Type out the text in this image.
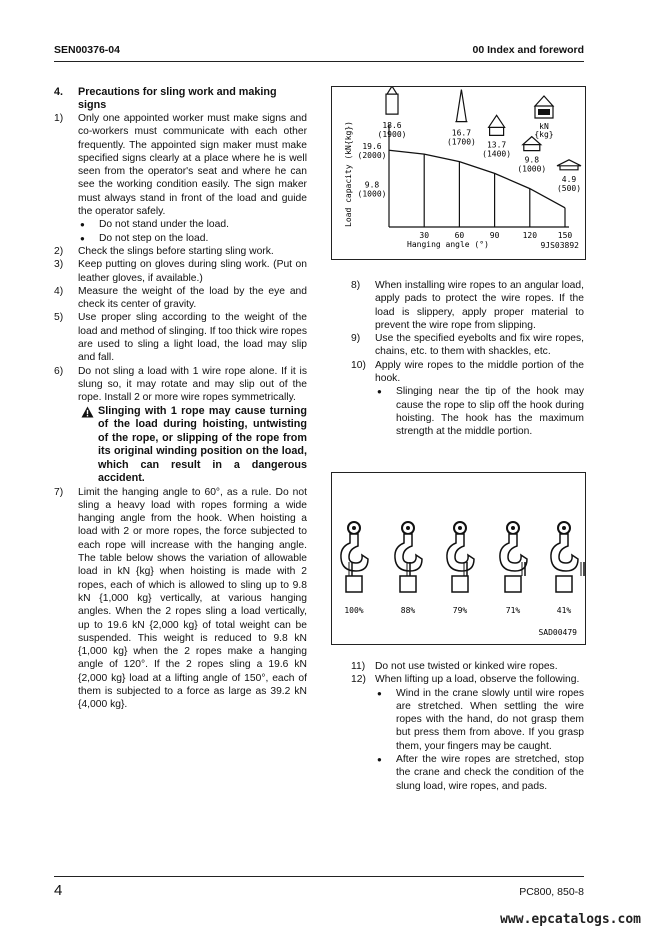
SEN00376-04	00 Index and foreword
4. Precautions for sling work and making signs
1) Only one appointed worker must make signs and co-workers must communicate with each other frequently. The appointed sign maker must make specified signs clearly at a place where he is well seen from the operator's seat and where he can see the working condition easily. The sign maker must always stand in front of the load and guide the operator safely.
● Do not stand under the load.
● Do not step on the load.
2) Check the slings before starting sling work.
3) Keep putting on gloves during sling work. (Put on leather gloves, if available.)
4) Measure the weight of the load by the eye and check its center of gravity.
5) Use proper sling according to the weight of the load and method of slinging. If too thick wire ropes are used to sling a light load, the load may slip and fall.
6) Do not sling a load with 1 wire rope alone. If it is slung so, it may rotate and may slip out of the rope. Install 2 or more wire ropes symmetrically.
Slinging with 1 rope may cause turning of the load during hoisting, untwisting of the rope, or slipping of the rope from its original winding position on the load, which can result in a dangerous accident.
7) Limit the hanging angle to 60°, as a rule. Do not sling a heavy load with ropes forming a wide hanging angle from the hook. When hoisting a load with 2 or more ropes, the force subjected to each rope will increase with the hanging angle. The table below shows the variation of allowable load in kN {kg} when hoisting is made with 2 ropes, each of which is allowed to sling up to 9.8 kN {1,000 kg} vertically, at various hanging angles. When the 2 ropes sling a load vertically, up to 19.6 kN {2,000 kg} of total weight can be suspended. This weight is reduced to 9.8 kN {1,000 kg} when the 2 ropes make a hanging angle of 120°. If the 2 ropes sling a 19.6 kN {2,000 kg} load at a lifting angle of 150°, each of them is subjected to a force as large as 39.2 kN {4,000 kg}.
Load capacity (kN{kg})
30	60	90	120	150
Hanging angle (°)	9JS03892
19.6
(2000)
9.8
(1000)
18.6
(1900)	16.7
(1700) 13.7
(1400)
9.8
(1000)
4.9
(500)
kN
{kg}
8) When installing wire ropes to an angular load, apply pads to protect the wire ropes. If the load is slippery, apply proper material to prevent the wire rope from slipping.
9) Use the specified eyebolts and fix wire ropes, chains, etc. to them with shackles, etc.
10) Apply wire ropes to the middle portion of the hook.
● Slinging near the tip of the hook may cause the rope to slip off the hook during hoisting. The hook has the maximum strength at the middle portion.
100%	88%	79%	71%	41%
SAD00479
11) Do not use twisted or kinked wire ropes.
12) When lifting up a load, observe the following.
● Wind in the crane slowly until wire ropes are stretched. When settling the wire ropes with the hand, do not grasp them but press them from above. If you grasp them, your fingers may be caught.
● After the wire ropes are stretched, stop the crane and check the condition of the slung load, wire ropes, and pads.
4	PC800, 850-8
www.epcatalogs.com
